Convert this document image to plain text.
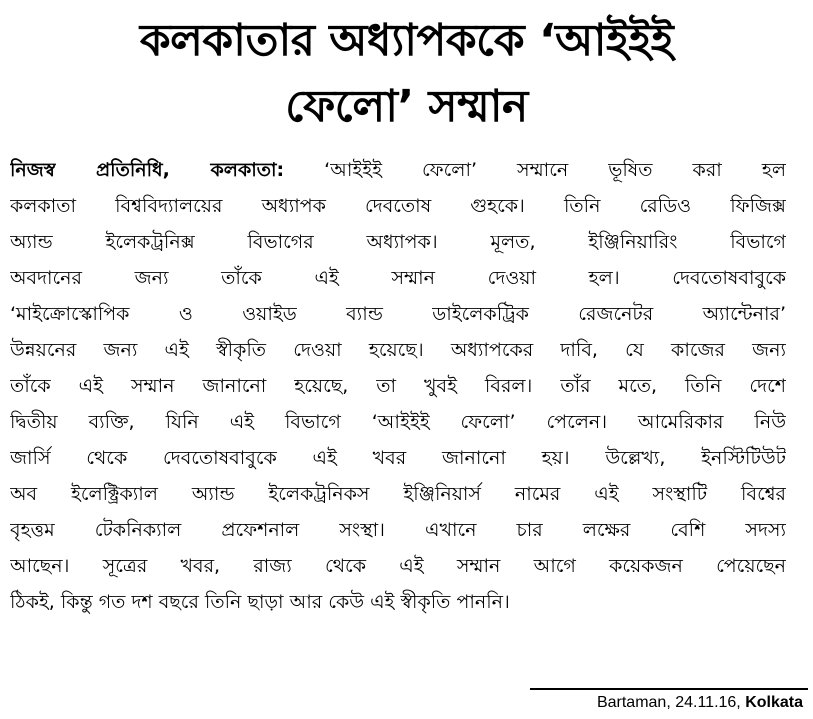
কলকাতার অধ্যাপককে ‘আইইই
ফেলো’ সম্মান
নিজস্ব প্রতিনিধি, কলকাতা: ‘আইইই ফেলো’ সম্মানে ভূষিত করা হল
কলকাতা বিশ্ববিদ্যালয়ের অধ্যাপক দেবতোষ গুহকে। তিনি রেডিও ফিজিক্স
অ্যান্ড ইলেকট্রনিক্স বিভাগের অধ্যাপক। মূলত, ইঞ্জিনিয়ারিং বিভাগে
অবদানের জন্য তাঁকে এই সম্মান দেওয়া হল। দেবতোষবাবুকে
‘মাইক্রোস্কোপিক ও ওয়াইড ব্যান্ড ডাইলেকট্রিক রেজনেটর অ্যান্টেনার’
উন্নয়নের জন্য এই স্বীকৃতি দেওয়া হয়েছে। অধ্যাপকের দাবি, যে কাজের জন্য
তাঁকে এই সম্মান জানানো হয়েছে, তা খুবই বিরল। তাঁর মতে, তিনি দেশে
দ্বিতীয় ব্যক্তি, যিনি এই বিভাগে ‘আইইই ফেলো’ পেলেন। আমেরিকার নিউ
জার্সি থেকে দেবতোষবাবুকে এই খবর জানানো হয়। উল্লেখ্য, ইনস্টিটিউট
অব ইলেক্ট্রিক্যাল অ্যান্ড ইলেকট্রনিকস ইঞ্জিনিয়ার্স নামের এই সংস্থাটি বিশ্বের
বৃহত্তম টেকনিক্যাল প্রফেশনাল সংস্থা। এখানে চার লক্ষের বেশি সদস্য
আছেন। সূত্রের খবর, রাজ্য থেকে এই সম্মান আগে কয়েকজন পেয়েছেন
ঠিকই, কিন্তু গত দশ বছরে তিনি ছাড়া আর কেউ এই স্বীকৃতি পাননি।
Bartaman, 24.11.16, Kolkata
